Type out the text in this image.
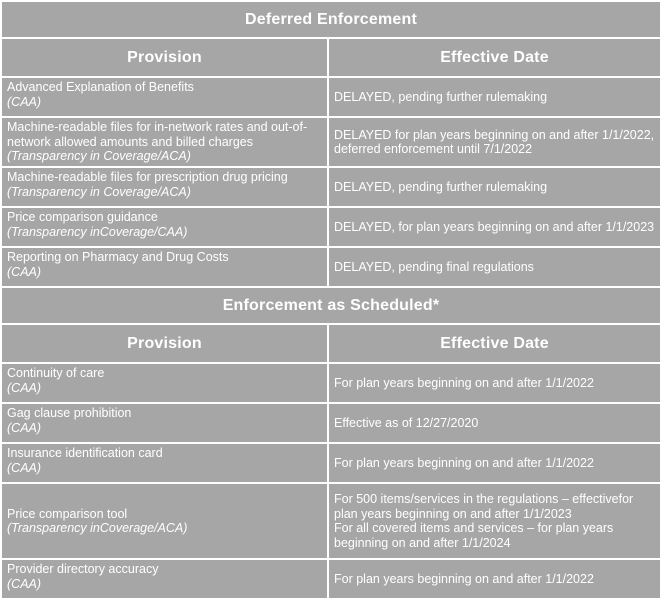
Deferred Enforcement	
Provision	Effective Date

Advanced Explanation of Benefits
(CAA)	DELAYED, pending further rulemaking

Machine-readable files for in-network rates and out-of-network allowed amounts and billed charges
(Transparency in Coverage/ACA)	DELAYED for plan years beginning on and after 1/1/2022, deferred enforcement until 7/1/2022

Machine-readable files for prescription drug pricing
(Transparency in Coverage/ACA)	DELAYED, pending further rulemaking

Price comparison guidance
(Transparency inCoverage/CAA)	DELAYED, for plan years beginning on and after 1/1/2023

Reporting on Pharmacy and Drug Costs
(CAA)	DELAYED, pending final regulations

Enforcement as Scheduled*	
Provision	Effective Date

Continuity of care
(CAA)	For plan years beginning on and after 1/1/2022

Gag clause prohibition
(CAA)	Effective as of 12/27/2020

Insurance identification card
(CAA)	For plan years beginning on and after 1/1/2022

Price comparison tool
(Transparency inCoverage/ACA)	For 500 items/services in the regulations – effectivefor plan years beginning on and after 1/1/2023
For all covered items and services – for plan years beginning on and after 1/1/2024

Provider directory accuracy
(CAA)	For plan years beginning on and after 1/1/2022
